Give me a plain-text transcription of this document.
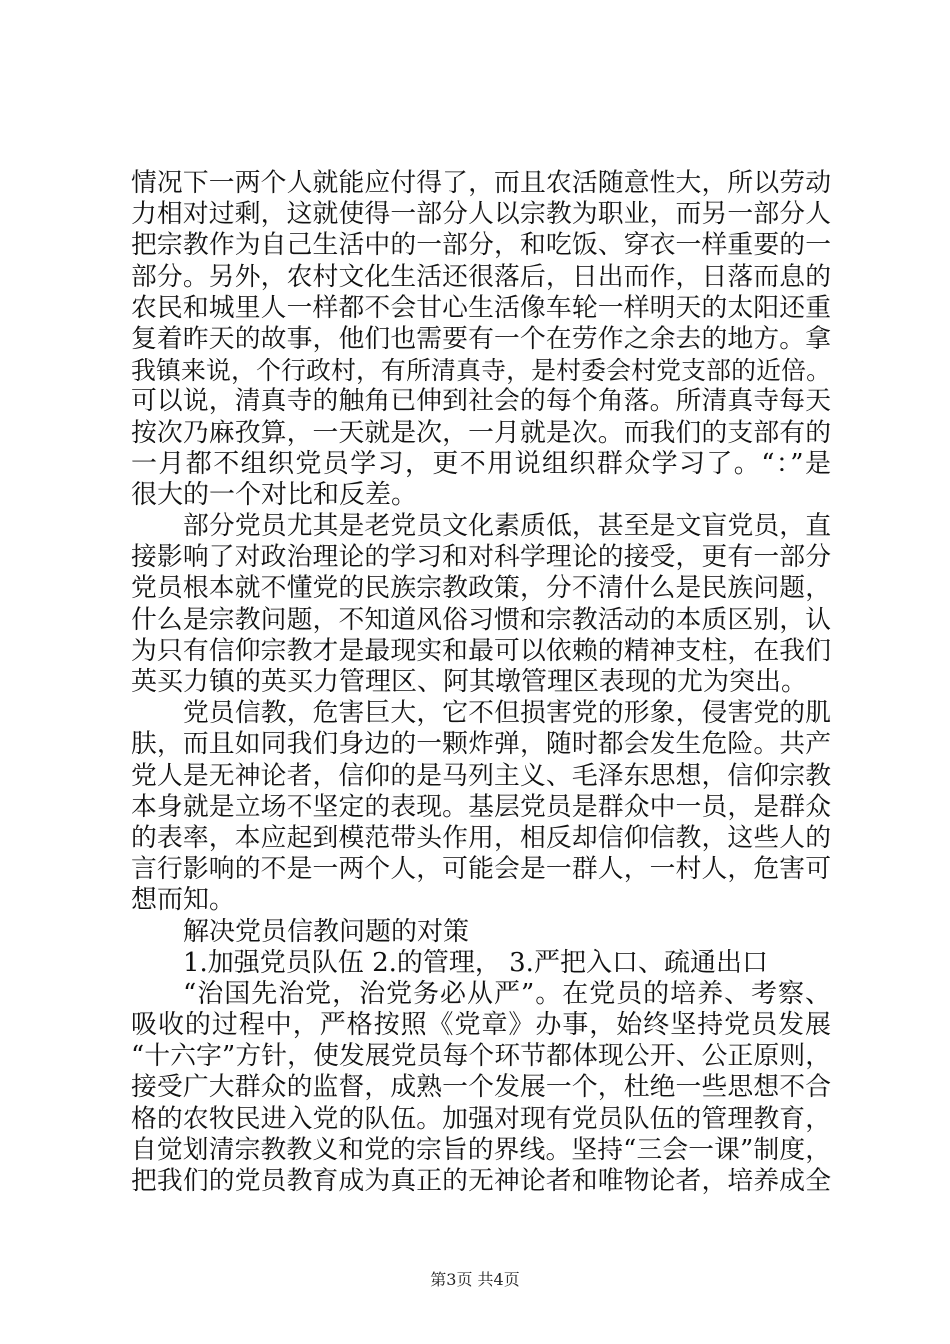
情况下一两个人就能应付得了，而且农活随意性大，所以劳动
力相对过剩，这就使得一部分人以宗教为职业，而另一部分人
把宗教作为自己生活中的一部分，和吃饭、穿衣一样重要的一
部分。另外，农村文化生活还很落后，日出而作，日落而息的
农民和城里人一样都不会甘心生活像车轮一样明天的太阳还重
复着昨天的故事，他们也需要有一个在劳作之余去的地方。拿
我镇来说，个行政村，有所清真寺，是村委会村党支部的近倍。
可以说，清真寺的触角已伸到社会的每个角落。所清真寺每天
按次乃麻孜算，一天就是次，一月就是次。而我们的支部有的
一月都不组织党员学习，更不用说组织群众学习了。“：”是
很大的一个对比和反差。
部分党员尤其是老党员文化素质低，甚至是文盲党员，直
接影响了对政治理论的学习和对科学理论的接受，更有一部分
党员根本就不懂党的民族宗教政策，分不清什么是民族问题，
什么是宗教问题，不知道风俗习惯和宗教活动的本质区别，认
为只有信仰宗教才是最现实和最可以依赖的精神支柱，在我们
英买力镇的英买力管理区、阿其墩管理区表现的尤为突出。
党员信教，危害巨大，它不但损害党的形象，侵害党的肌
肤，而且如同我们身边的一颗炸弹，随时都会发生危险。共产
党人是无神论者，信仰的是马列主义、毛泽东思想，信仰宗教
本身就是立场不坚定的表现。基层党员是群众中一员，是群众
的表率，本应起到模范带头作用，相反却信仰信教，这些人的
言行影响的不是一两个人，可能会是一群人，一村人，危害可
想而知。
解决党员信教问题的对策
1.加强党员队伍 2.的管理， 3.严把入口、疏通出口
“治国先治党，治党务必从严”。在党员的培养、考察、
吸收的过程中，严格按照《党章》办事，始终坚持党员发展
“十六字”方针，使发展党员每个环节都体现公开、公正原则，
接受广大群众的监督，成熟一个发展一个，杜绝一些思想不合
格的农牧民进入党的队伍。加强对现有党员队伍的管理教育，
自觉划清宗教教义和党的宗旨的界线。坚持“三会一课”制度，
把我们的党员教育成为真正的无神论者和唯物论者，培养成全
第3页 共4页
